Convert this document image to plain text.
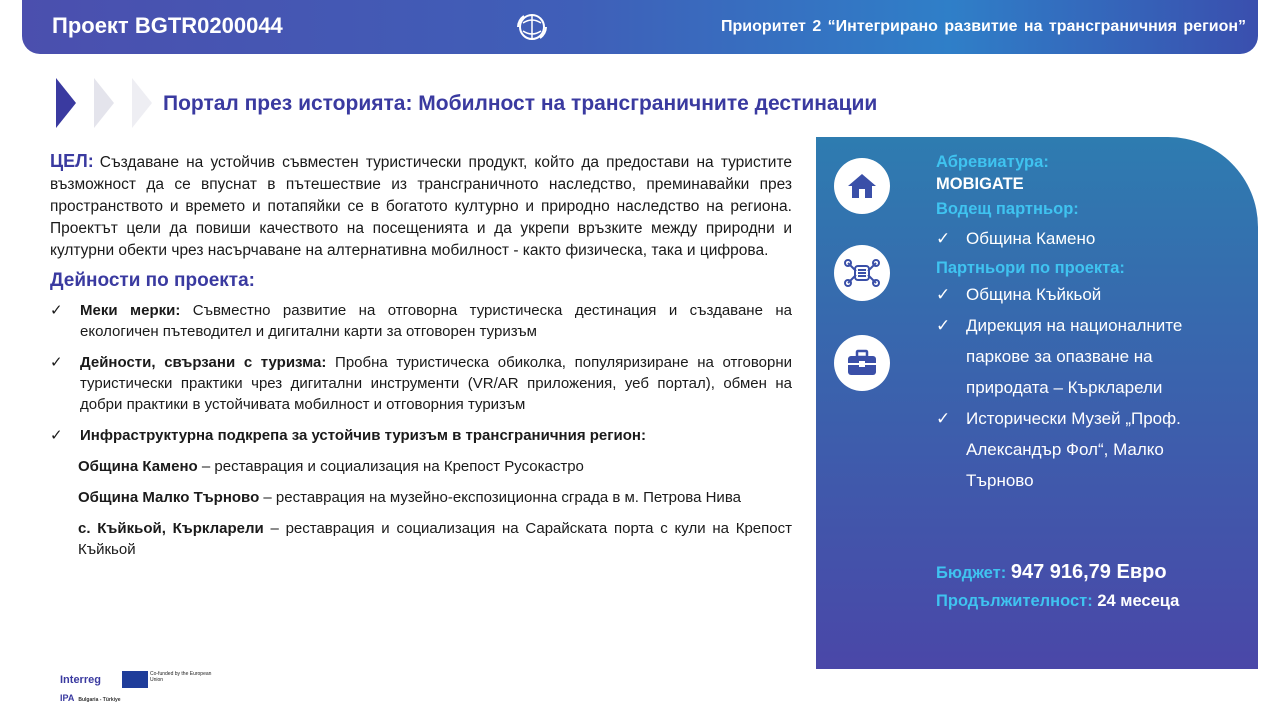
Проект BGTR0200044	Приоритет 2 “Интегрирано развитие на трансграничния регион”
Портал през историята: Мобилност на трансграничните дестинации

ЦЕЛ: Създаване на устойчив съвместен туристически продукт, който да предостави на туристите възможност да се впуснат в пътешествие из трансграничното наследство, преминавайки през пространството и времето и потапяйки се в богатото културно и природно наследство на региона. Проектът цели да повиши качеството на посещенията и да укрепи връзките между природни и културни обекти чрез насърчаване на алтернативна мобилност - както физическа, така и цифрова.

Дейности по проекта:
✓ Меки мерки: Съвместно развитие на отговорна туристическа дестинация и създаване на екологичен пътеводител и дигитални карти за отговорен туризъм
✓ Дейности, свързани с туризма: Пробна туристическа обиколка, популяризиране на отговорни туристически практики чрез дигитални инструменти (VR/AR приложения, уеб портал), обмен на добри практики в устойчивата мобилност и отговорния туризъм
✓ Инфраструктурна подкрепа за устойчив туризъм в трансграничния регион:
Община Камено – реставрация и социализация на Крепост Русокастро
Община Малко Търново – реставрация на музейно-експозиционна сграда в м. Петрова Нива
с. Къйкьой, Къркларели – реставрация и социализация на Сарайската порта с кули на Крепост Къйкьой
Абревиатура:
MOBIGATE
Водещ партньор:
✓ Община Камено
Партньори по проекта:
✓ Община Къйкьой
✓ Дирекция на националните паркове за опазване на природата – Къркларели
✓ Исторически Музей „Проф. Александър Фол“, Малко Търново
Бюджет: 947 916,79 Евро
Продължителност: 24 месеца
Interreg	Co-funded by the European Union
IPA Bulgaria - Türkiye
